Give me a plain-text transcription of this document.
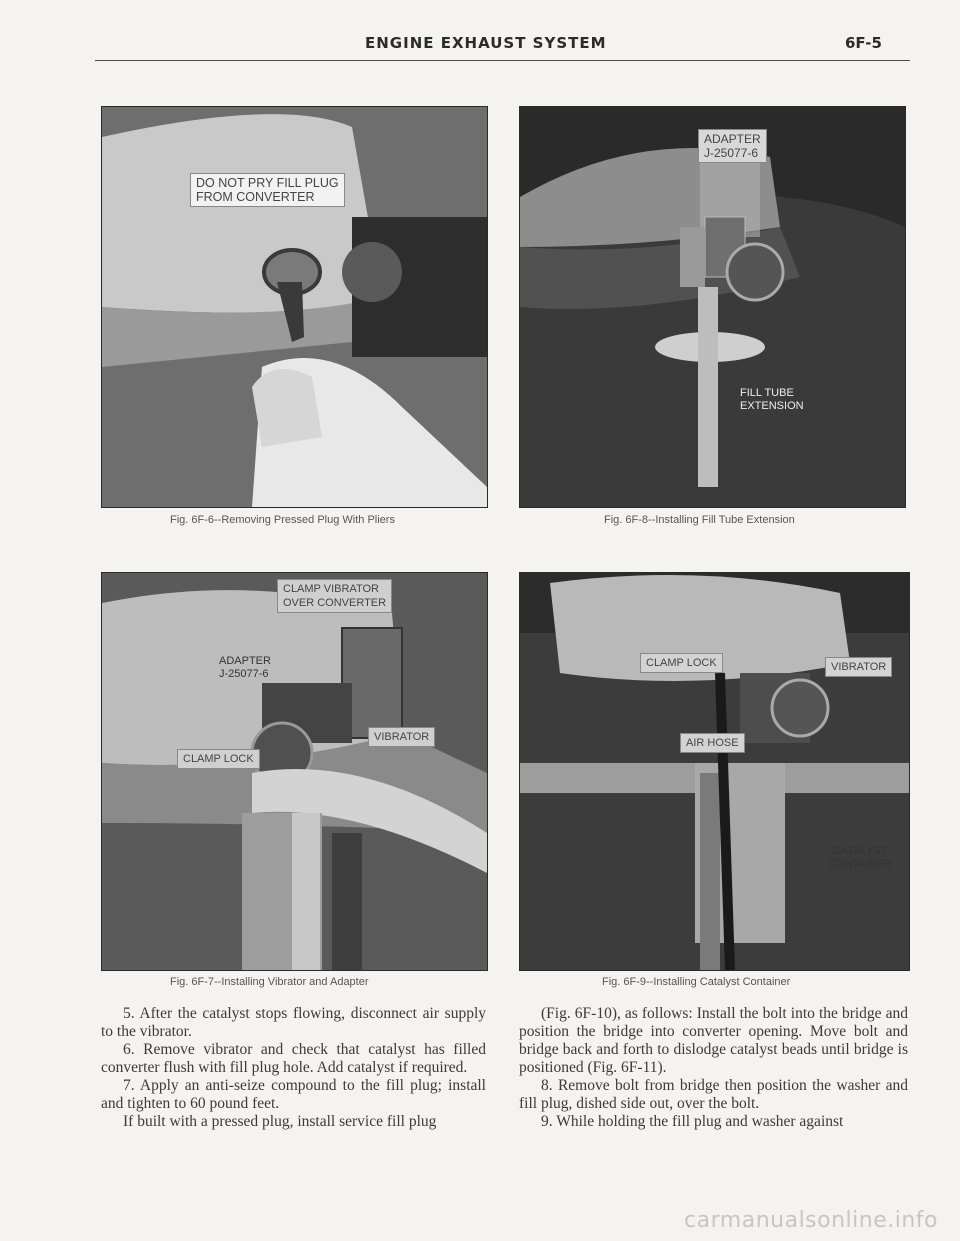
ENGINE EXHAUST SYSTEM	6F-5
DO NOT PRY FILL PLUG
FROM CONVERTER
Fig. 6F-6--Removing Pressed Plug With Pliers
ADAPTER
J-25077-6
FILL TUBE
EXTENSION
Fig. 6F-8--Installing Fill Tube Extension
CLAMP VIBRATOR
OVER CONVERTER
ADAPTER
J-25077-6
CLAMP LOCK
VIBRATOR
Fig. 6F-7--Installing Vibrator and Adapter
CLAMP LOCK	VIBRATOR
AIR HOSE
CATALYST
CONTAINER
Fig. 6F-9--Installing Catalyst Container

5. After the catalyst stops flowing, disconnect air supply to the vibrator.

6. Remove vibrator and check that catalyst has filled converter flush with fill plug hole. Add catalyst if required.

7. Apply an anti-seize compound to the fill plug; install and tighten to 60 pound feet.

If built with a pressed plug, install service fill plug

(Fig. 6F-10), as follows: Install the bolt into the bridge and position the bridge into converter opening. Move bolt and bridge back and forth to dislodge catalyst beads until bridge is positioned (Fig. 6F-11).

8. Remove bolt from bridge then position the washer and fill plug, dished side out, over the bolt.

9. While holding the fill plug and washer against

carmanualsonline.info
